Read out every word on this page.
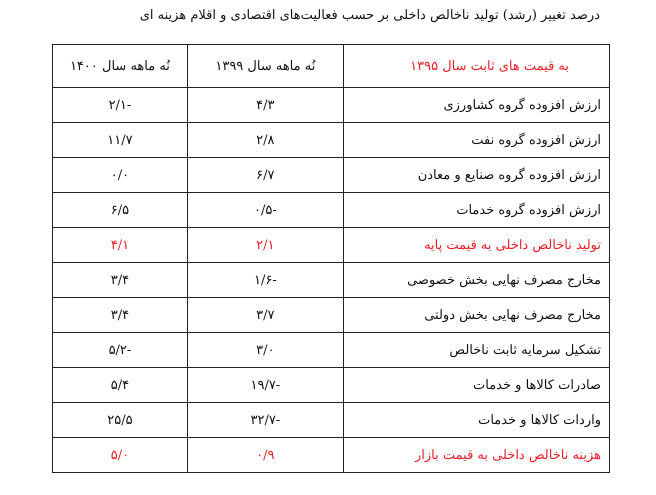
درصد تغییر (رشد) تولید ناخالص داخلی بر حسب فعالیت‌های اقتصادی و اقلام هزینه ای
به قیمت های ثابت سال ۱۳۹۵	نُه ماهه سال ۱۳۹۹	نُه ماهه سال ۱۴۰۰
ارزش افزوده گروه کشاورزی	۴/۳	۲/۱-
ارزش افزوده گروه نفت	۲/۸	۱۱/۷
ارزش افزوده گروه صنایع و معادن	۶/۷	۰/۰
ارزش افزوده گروه خدمات	۰/۵-	۶/۵
تولید ناخالص داخلی به قیمت پایه	۲/۱	۴/۱
مخارج مصرف نهایی بخش خصوصی	۱/۶-	۳/۴
مخارج مصرف نهایی بخش دولتی	۳/۷	۳/۴
تشکیل سرمایه ثابت ناخالص	۳/۰	۵/۲-
صادرات کالاها و خدمات	۱۹/۷-	۵/۴
واردات کالاها و خدمات	۳۲/۷-	۲۵/۵
هزینه ناخالص داخلی به قیمت بازار	۰/۹	۵/۰
